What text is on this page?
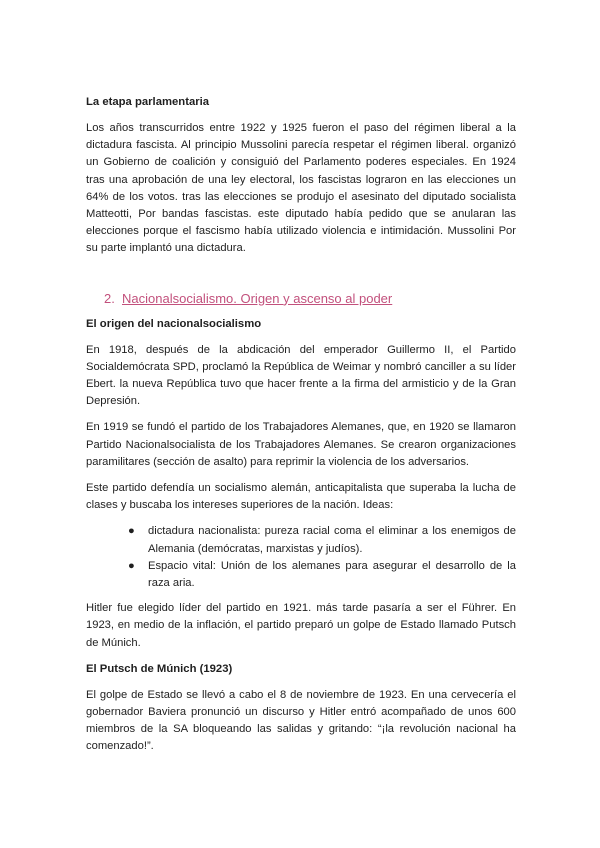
La etapa parlamentaria

Los años transcurridos entre 1922 y 1925 fueron el paso del régimen liberal a la dictadura fascista. Al principio Mussolini parecía respetar el régimen liberal. organizó un Gobierno de coalición y consiguió del Parlamento poderes especiales. En 1924 tras una aprobación de una ley electoral, los fascistas lograron en las elecciones un 64% de los votos. tras las elecciones se produjo el asesinato del diputado socialista Matteotti, Por bandas fascistas. este diputado había pedido que se anularan las elecciones porque el fascismo había utilizado violencia e intimidación. Mussolini Por su parte implantó una dictadura.

2. Nacionalsocialismo. Origen y ascenso al poder
El origen del nacionalsocialismo

En 1918, después de la abdicación del emperador Guillermo II, el Partido Socialdemócrata SPD, proclamó la República de Weimar y nombró canciller a su líder Ebert. la nueva República tuvo que hacer frente a la firma del armisticio y de la Gran Depresión.

En 1919 se fundó el partido de los Trabajadores Alemanes, que, en 1920 se llamaron Partido Nacionalsocialista de los Trabajadores Alemanes. Se crearon organizaciones paramilitares (sección de asalto) para reprimir la violencia de los adversarios.

Este partido defendía un socialismo alemán, anticapitalista que superaba la lucha de clases y buscaba los intereses superiores de la nación. Ideas:

● dictadura nacionalista: pureza racial coma el eliminar a los enemigos de Alemania (demócratas, marxistas y judíos).
● Espacio vital: Unión de los alemanes para asegurar el desarrollo de la raza aria.

Hitler fue elegido líder del partido en 1921. más tarde pasaría a ser el Führer. En 1923, en medio de la inflación, el partido preparó un golpe de Estado llamado Putsch de Múnich.

El Putsch de Múnich (1923)

El golpe de Estado se llevó a cabo el 8 de noviembre de 1923. En una cervecería el gobernador Baviera pronunció un discurso y Hitler entró acompañado de unos 600 miembros de la SA bloqueando las salidas y gritando: “¡la revolución nacional ha comenzado!”.
